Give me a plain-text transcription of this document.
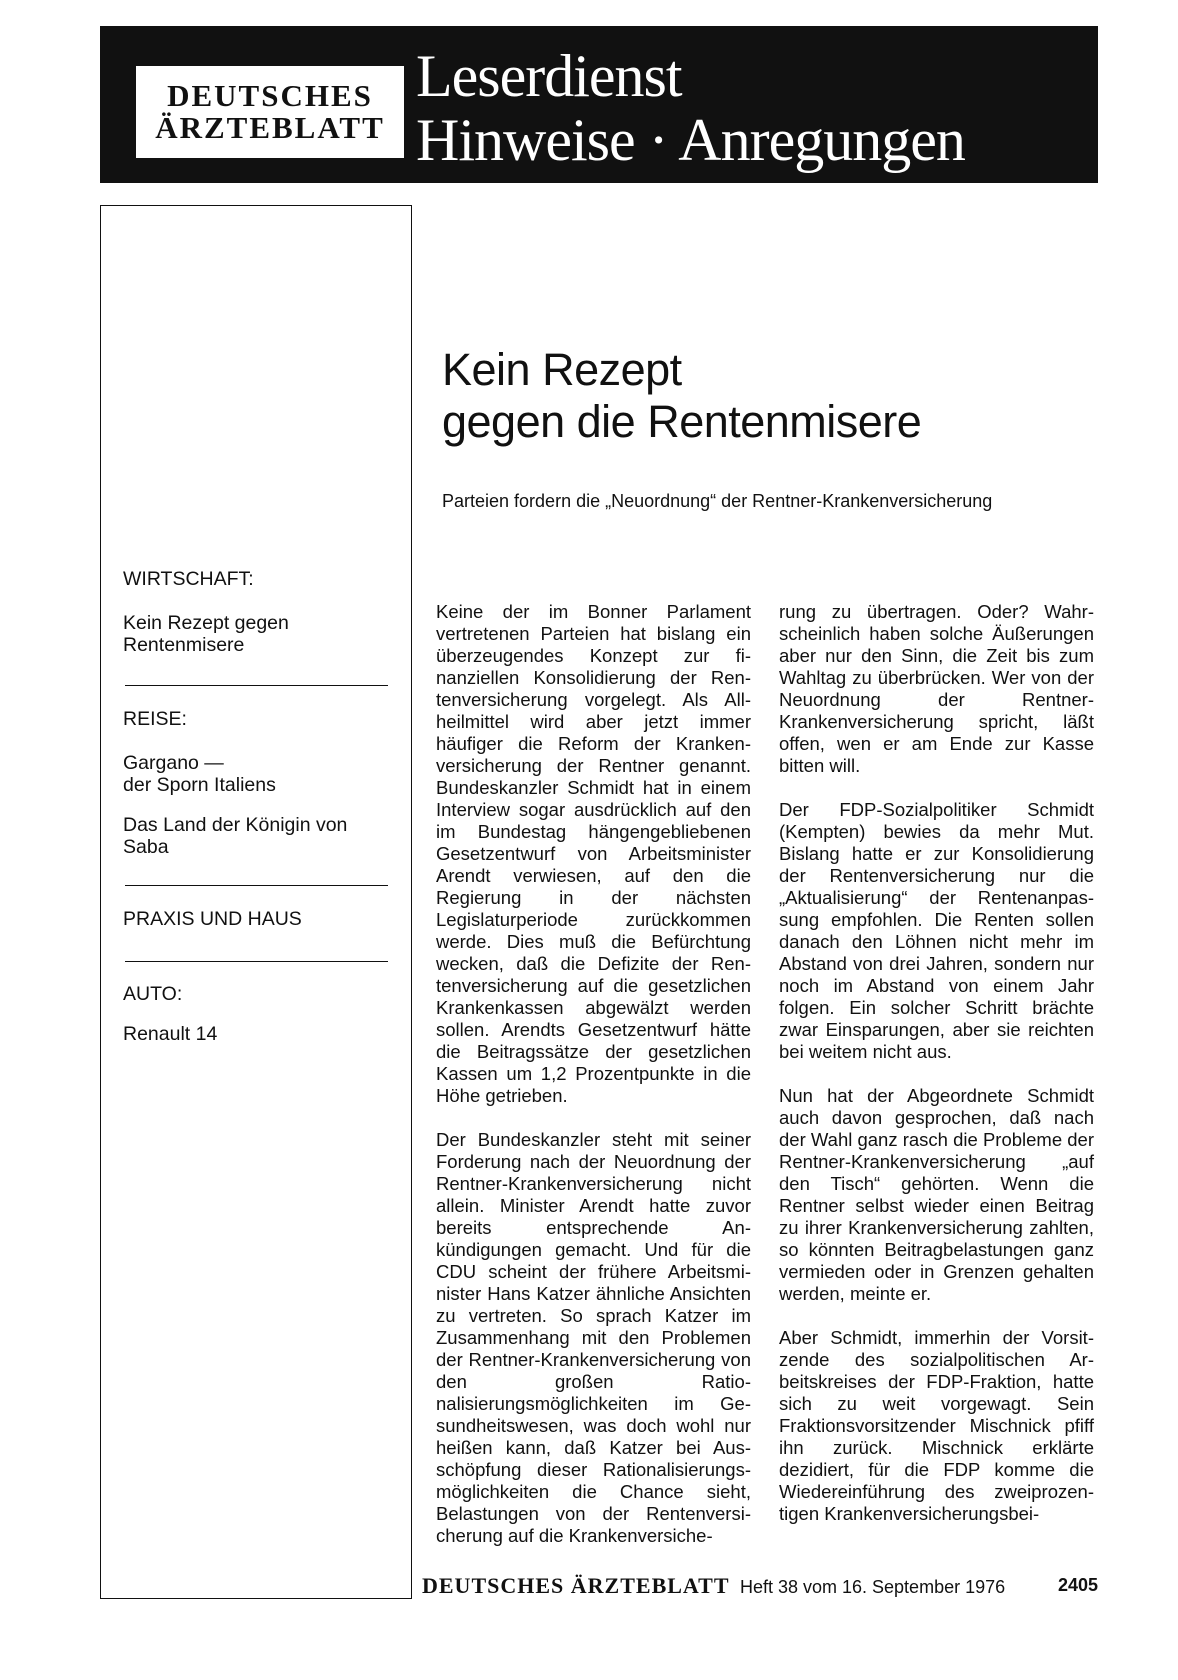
DEUTSCHES
ÄRZTEBLATT
Leserdienst
Hinweise · Anregungen

WIRTSCHAFT:

Kein Rezept gegen Rentenmisere

REISE:

Gargano —
der Sporn Italiens

Das Land der Königin von Saba

PRAXIS UND HAUS

AUTO:

Renault 14

Kein Rezept
gegen die Rentenmisere

Parteien fordern die „Neuordnung“ der Rentner-Krankenversicherung

Keine der im Bonner Parlament vertretenen Parteien hat bislang ein überzeugendes Konzept zur finanziellen Konsolidierung der Rentenversicherung vorgelegt. Als Allheilmittel wird aber jetzt immer häufiger die Reform der Krankenversicherung der Rentner genannt. Bundeskanzler Schmidt hat in einem Interview sogar ausdrücklich auf den im Bundestag hängengebliebenen Gesetzentwurf von Arbeitsminister Arendt verwiesen, auf den die Regierung in der nächsten Legislaturperiode zurückkommen werde. Dies muß die Befürchtung wecken, daß die Defizite der Rentenversicherung auf die gesetzlichen Krankenkassen abgewälzt werden sollen. Arendts Gesetzentwurf hätte die Beitragssätze der gesetzlichen Kassen um 1,2 Prozentpunkte in die Höhe getrieben.

Der Bundeskanzler steht mit seiner Forderung nach der Neuordnung der Rentner-Krankenversicherung nicht allein. Minister Arendt hatte zuvor bereits entsprechende Ankündigungen gemacht. Und für die CDU scheint der frühere Arbeitsminister Hans Katzer ähnliche Ansichten zu vertreten. So sprach Katzer im Zusammenhang mit den Problemen der Rentner-Krankenversicherung von den großen Rationalisierungsmöglichkeiten im Gesundheitswesen, was doch wohl nur heißen kann, daß Katzer bei Ausschöpfung dieser Rationalisierungsmöglichkeiten die Chance sieht, Belastungen von der Rentenversicherung auf die Krankenversiche-

rung zu übertragen. Oder? Wahrscheinlich haben solche Äußerungen aber nur den Sinn, die Zeit bis zum Wahltag zu überbrücken. Wer von der Neuordnung der Rentner-Krankenversicherung spricht, läßt offen, wen er am Ende zur Kasse bitten will.

Der FDP-Sozialpolitiker Schmidt (Kempten) bewies da mehr Mut. Bislang hatte er zur Konsolidierung der Rentenversicherung nur die „Aktualisierung“ der Rentenanpassung empfohlen. Die Renten sollen danach den Löhnen nicht mehr im Abstand von drei Jahren, sondern nur noch im Abstand von einem Jahr folgen. Ein solcher Schritt brächte zwar Einsparungen, aber sie reichten bei weitem nicht aus.

Nun hat der Abgeordnete Schmidt auch davon gesprochen, daß nach der Wahl ganz rasch die Probleme der Rentner-Krankenversicherung „auf den Tisch“ gehörten. Wenn die Rentner selbst wieder einen Beitrag zu ihrer Krankenversicherung zahlten, so könnten Beitragbelastungen ganz vermieden oder in Grenzen gehalten werden, meinte er.

Aber Schmidt, immerhin der Vorsitzende des sozialpolitischen Arbeitskreises der FDP-Fraktion, hatte sich zu weit vorgewagt. Sein Fraktionsvorsitzender Mischnick pfiff ihn zurück. Mischnick erklärte dezidiert, für die FDP komme die Wiedereinführung des zweiprozentigen Krankenversicherungsbei-

DEUTSCHES ÄRZTEBLATT Heft 38 vom 16. September 1976	2405
